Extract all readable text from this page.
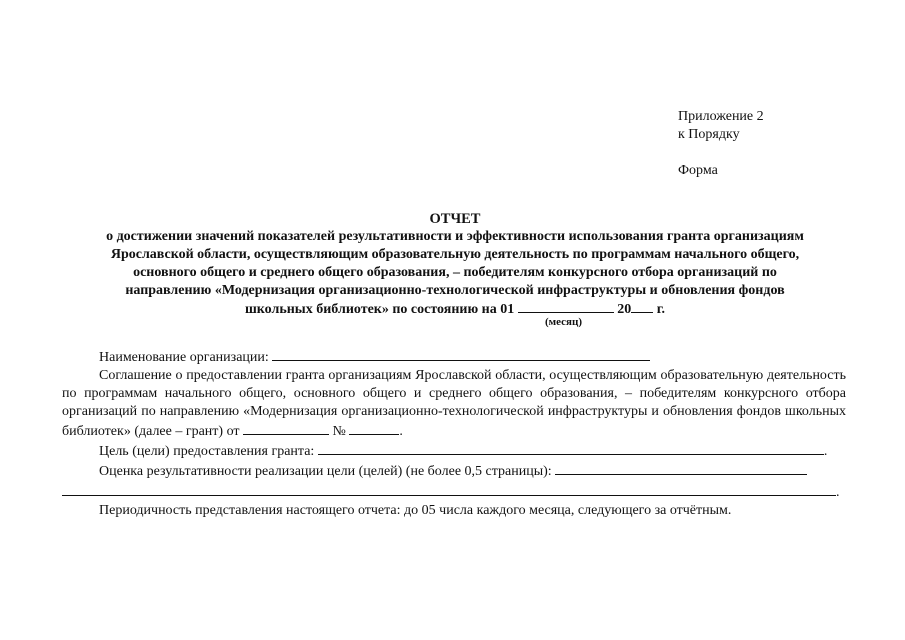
Приложение 2
к Порядку
Форма
ОТЧЕТ
о достижении значений показателей результативности и эффективности использования гранта организациям
Ярославской области, осуществляющим образовательную деятельность по программам начального общего,
основного общего и среднего общего образования, – победителям конкурсного отбора организаций по
направлению «Модернизация организационно-технологической инфраструктуры и обновления фондов
школьных библиотек» по состоянию на 01	20 г.
(месяц)
Наименование организации:
Соглашение о предоставлении гранта организациям Ярославской области, осуществляющим образовательную деятельность по программам начального общего, основного общего и среднего общего образования, – победителям конкурсного отбора организаций по направлению «Модернизация организационно-технологической инфраструктуры и обновления фондов школьных библиотек» (далее – грант) от	№	.
Цель (цели) предоставления гранта:	.
Оценка результативности реализации цели (целей) (не более 0,5 страницы):
.
Периодичность представления настоящего отчета: до 05 числа каждого месяца, следующего за отчётным.
